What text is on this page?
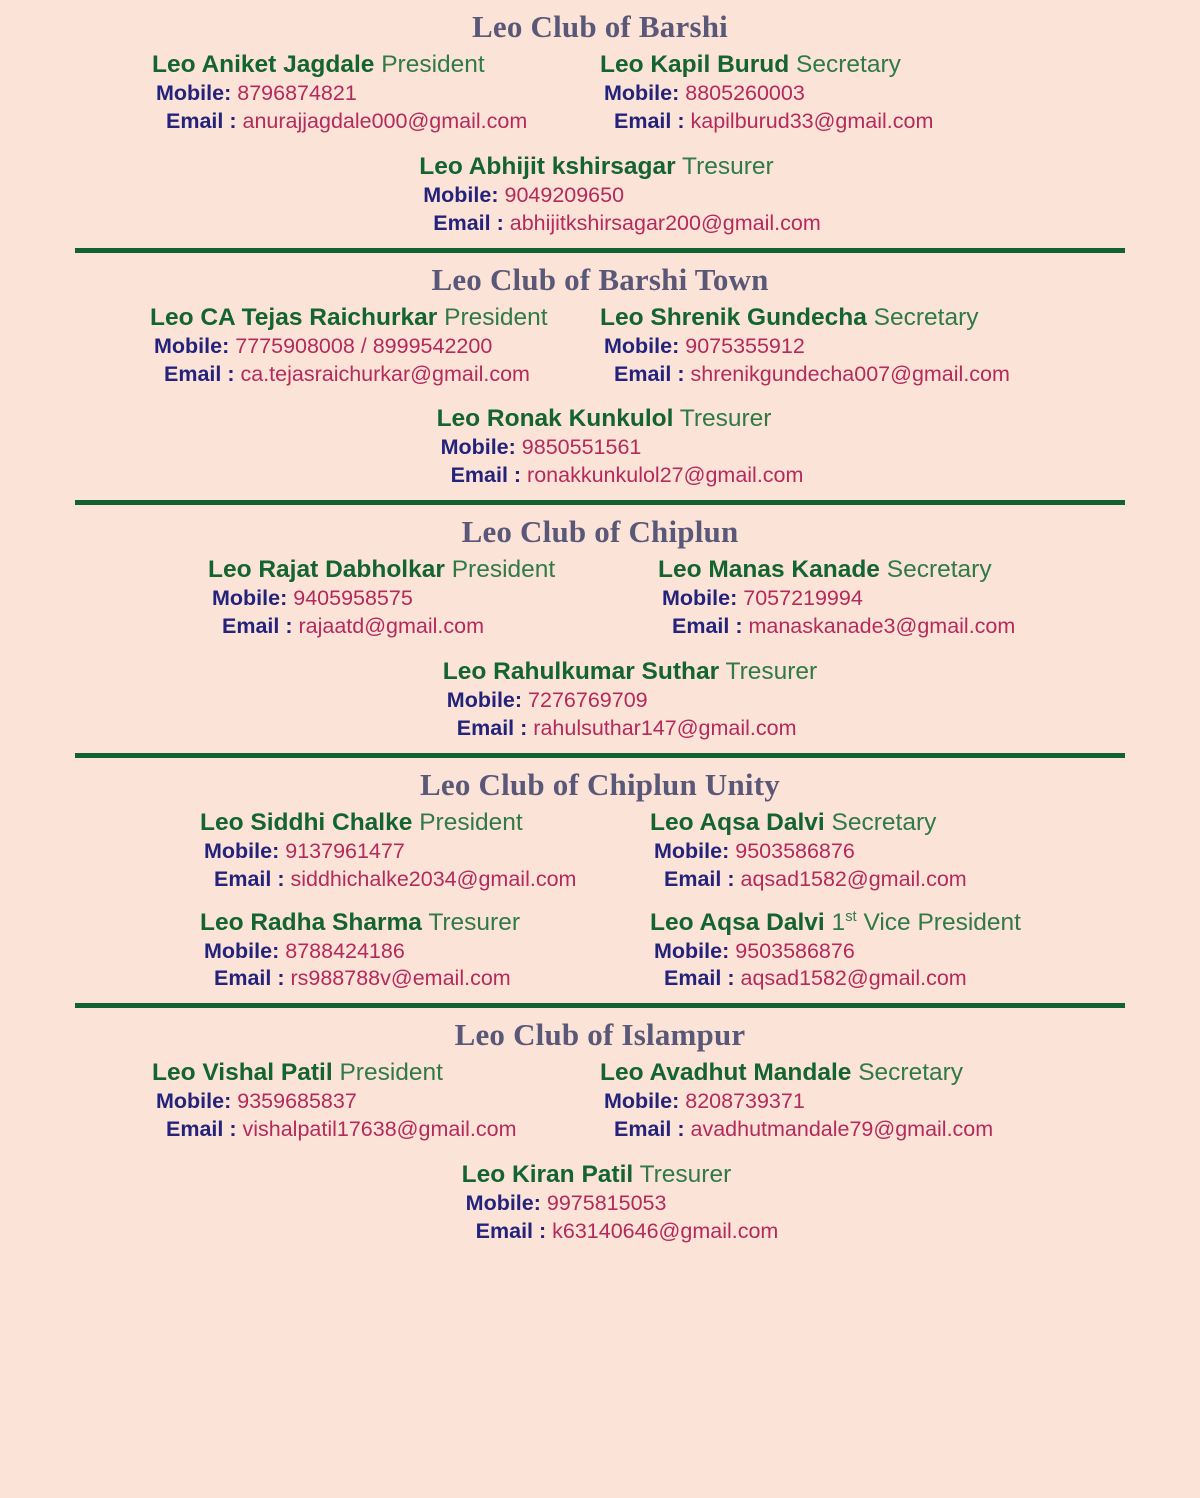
Leo Club of Barshi
Leo Aniket Jagdale President
Mobile: 8796874821
Email : anurajjagdale000@gmail.com
Leo Kapil Burud Secretary
Mobile: 8805260003
Email : kapilburud33@gmail.com
Leo Abhijit kshirsagar Tresurer
Mobile: 9049209650
Email : abhijitkshirsagar200@gmail.com
Leo Club of Barshi Town
Leo CA Tejas Raichurkar President
Mobile: 7775908008 / 8999542200
Email : ca.tejasraichurkar@gmail.com
Leo Shrenik Gundecha Secretary
Mobile: 9075355912
Email : shrenikgundecha007@gmail.com
Leo Ronak Kunkulol Tresurer
Mobile: 9850551561
Email : ronakkunkulol27@gmail.com
Leo Club of Chiplun
Leo Rajat Dabholkar President
Mobile: 9405958575
Email : rajaatd@gmail.com
Leo Manas Kanade Secretary
Mobile: 7057219994
Email : manaskanade3@gmail.com
Leo Rahulkumar Suthar Tresurer
Mobile: 7276769709
Email : rahulsuthar147@gmail.com
Leo Club of Chiplun Unity
Leo Siddhi Chalke President
Mobile: 9137961477
Email : siddhichalke2034@gmail.com
Leo Aqsa Dalvi Secretary
Mobile: 9503586876
Email : aqsad1582@gmail.com
Leo Radha Sharma Tresurer
Mobile: 8788424186
Email : rs988788v@email.com
Leo Aqsa Dalvi 1st Vice President
Mobile: 9503586876
Email : aqsad1582@gmail.com
Leo Club of Islampur
Leo Vishal Patil President
Mobile: 9359685837
Email : vishalpatil17638@gmail.com
Leo Avadhut Mandale Secretary
Mobile: 8208739371
Email : avadhutmandale79@gmail.com
Leo Kiran Patil Tresurer
Mobile: 9975815053
Email : k63140646@gmail.com
